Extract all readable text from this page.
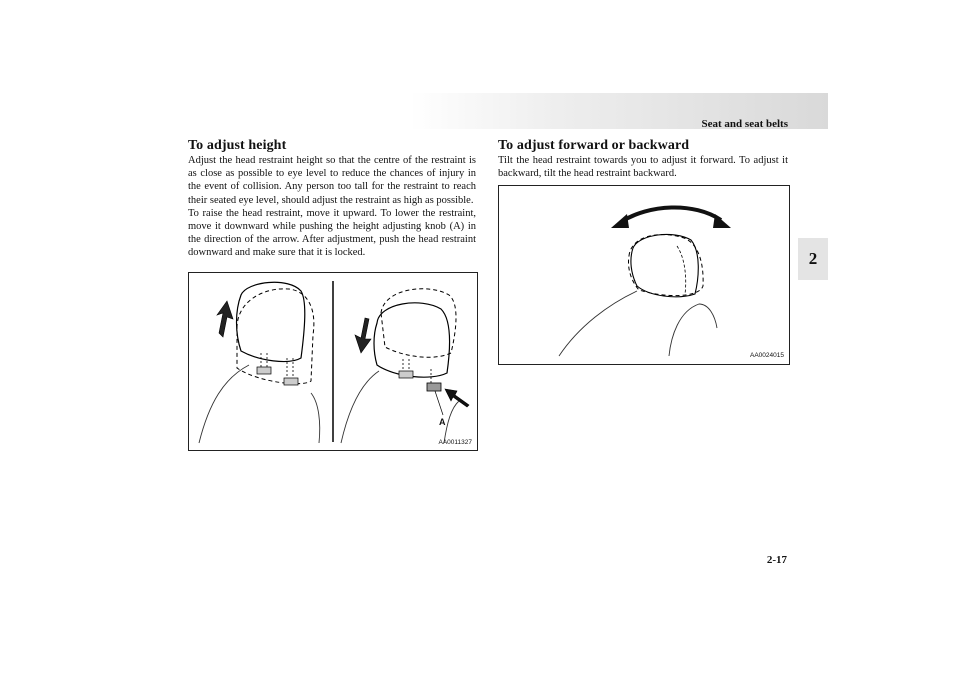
Seat and seat belts
2
To adjust height

Adjust the head restraint height so that the centre of the restraint is as close as possible to eye level to reduce the chances of injury in the event of collision. Any person too tall for the restraint to reach their seated eye level, should adjust the restraint as high as possible.

To raise the head restraint, move it upward. To lower the restraint, move it downward while pushing the height adjusting knob (A) in the direction of the arrow. After adjustment, push the head restraint downward and make sure that it is locked.

A
AA0011327
To adjust forward or backward

Tilt the head restraint towards you to adjust it forward. To adjust it backward, tilt the head restraint backward.

AA0024015
2-17
